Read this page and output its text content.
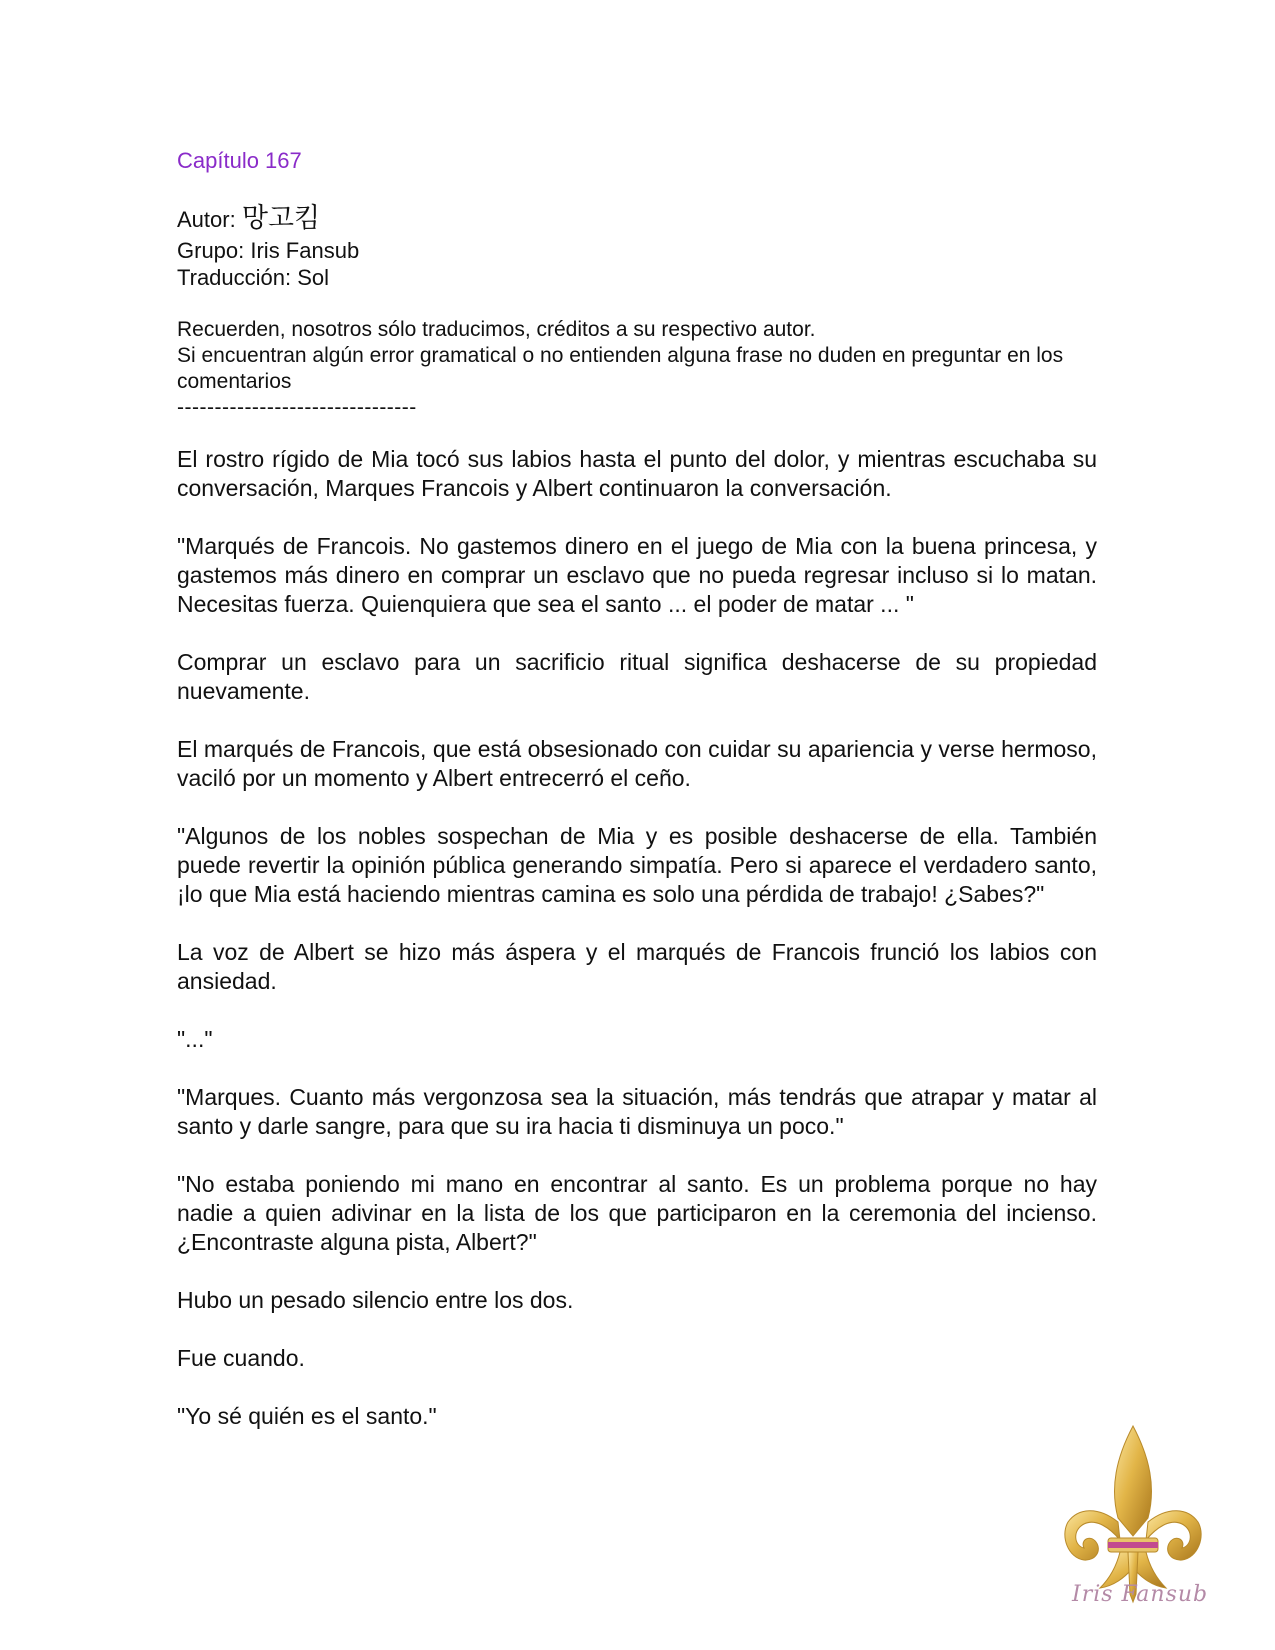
Capítulo 167
Autor: 망고킴
Grupo: Iris Fansub
Traducción: Sol
Recuerden, nosotros sólo traducimos, créditos a su respectivo autor.
Si encuentran algún error gramatical o no entienden alguna frase no duden en preguntar en los comentarios
--------------------------------

El rostro rígido de Mia tocó sus labios hasta el punto del dolor, y mientras escuchaba su conversación, Marques Francois y Albert continuaron la conversación.

"Marqués de Francois. No gastemos dinero en el juego de Mia con la buena princesa, y gastemos más dinero en comprar un esclavo que no pueda regresar incluso si lo matan. Necesitas fuerza. Quienquiera que sea el santo ... el poder de matar ... "

Comprar un esclavo para un sacrificio ritual significa deshacerse de su propiedad nuevamente.

El marqués de Francois, que está obsesionado con cuidar su apariencia y verse hermoso, vaciló por un momento y Albert entrecerró el ceño.

"Algunos de los nobles sospechan de Mia y es posible deshacerse de ella. También puede revertir la opinión pública generando simpatía. Pero si aparece el verdadero santo, ¡lo que Mia está haciendo mientras camina es solo una pérdida de trabajo! ¿Sabes?"

La voz de Albert se hizo más áspera y el marqués de Francois frunció los labios con ansiedad.

"..."

"Marques. Cuanto más vergonzosa sea la situación, más tendrás que atrapar y matar al santo y darle sangre, para que su ira hacia ti disminuya un poco."

"No estaba poniendo mi mano en encontrar al santo. Es un problema porque no hay nadie a quien adivinar en la lista de los que participaron en la ceremonia del incienso. ¿Encontraste alguna pista, Albert?"

Hubo un pesado silencio entre los dos.

Fue cuando.

"Yo sé quién es el santo."

Iris Fansub
